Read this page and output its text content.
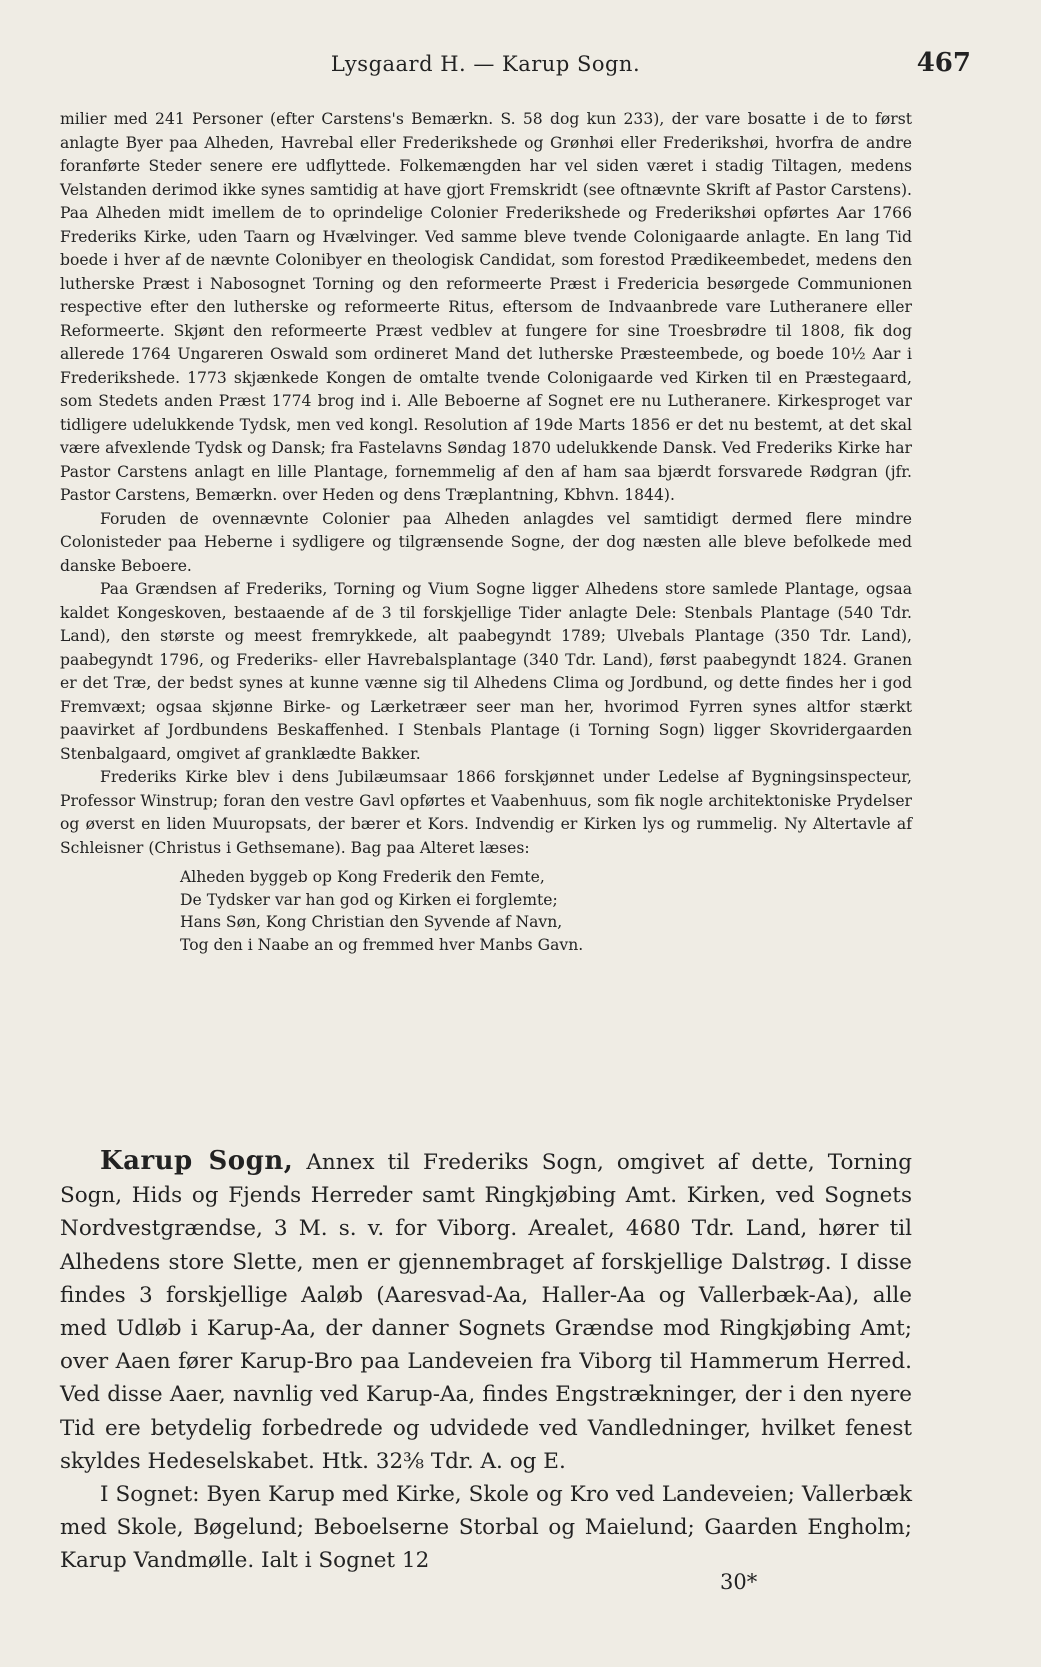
Lysgaard H. — Karup Sogn.	467

milier med 241 Personer (efter Carstens's Bemærkn. S. 58 dog kun 233), der vare bosatte i de to først anlagte Byer paa Alheden, Havrebal eller Frederikshede og Grønhøi eller Frederikshøi, hvorfra de andre foranførte Steder senere ere udflyttede. Folkemængden har vel siden været i stadig Tiltagen, medens Velstanden derimod ikke synes samtidig at have gjort Fremskridt (see oftnævnte Skrift af Pastor Carstens). Paa Alheden midt imellem de to oprindelige Colonier Frederikshede og Frederikshøi opførtes Aar 1766 Frederiks Kirke, uden Taarn og Hvælvinger. Ved samme bleve tvende Colonigaarde anlagte. En lang Tid boede i hver af de nævnte Colonibyer en theologisk Candidat, som forestod Prædikeembedet, medens den lutherske Præst i Nabosognet Torning og den reformeerte Præst i Fredericia besørgede Communionen respective efter den lutherske og reformeerte Ritus, eftersom de Indvaanbrede vare Lutheranere eller Reformeerte. Skjønt den reformeerte Præst vedblev at fungere for sine Troesbrødre til 1808, fik dog allerede 1764 Ungareren Oswald som ordineret Mand det lutherske Præsteembede, og boede 10½ Aar i Frederikshede. 1773 skjænkede Kongen de omtalte tvende Colonigaarde ved Kirken til en Præstegaard, som Stedets anden Præst 1774 brog ind i. Alle Beboerne af Sognet ere nu Lutheranere. Kirkesproget var tidligere udelukkende Tydsk, men ved kongl. Resolution af 19de Marts 1856 er det nu bestemt, at det skal være afvexlende Tydsk og Dansk; fra Fastelavns Søndag 1870 udelukkende Dansk. Ved Frederiks Kirke har Pastor Carstens anlagt en lille Plantage, fornemmelig af den af ham saa bjærdt forsvarede Rødgran (jfr. Pastor Carstens, Bemærkn. over Heden og dens Træplantning, Kbhvn. 1844).

Foruden de ovennævnte Colonier paa Alheden anlagdes vel samtidigt dermed flere mindre Colonisteder paa Heberne i sydligere og tilgrænsende Sogne, der dog næsten alle bleve befolkede med danske Beboere.

Paa Grændsen af Frederiks, Torning og Vium Sogne ligger Alhedens store samlede Plantage, ogsaa kaldet Kongeskoven, bestaaende af de 3 til forskjellige Tider anlagte Dele: Stenbals Plantage (540 Tdr. Land), den største og meest fremrykkede, alt paabegyndt 1789; Ulvebals Plantage (350 Tdr. Land), paabegyndt 1796, og Frederiks- eller Havrebalsplantage (340 Tdr. Land), først paabegyndt 1824. Granen er det Træ, der bedst synes at kunne vænne sig til Alhedens Clima og Jordbund, og dette findes her i god Fremvæxt; ogsaa skjønne Birke- og Lærketræer seer man her, hvorimod Fyrren synes altfor stærkt paavirket af Jordbundens Beskaffenhed. I Stenbals Plantage (i Torning Sogn) ligger Skovridergaarden Stenbalgaard, omgivet af granklædte Bakker.

Frederiks Kirke blev i dens Jubilæumsaar 1866 forskjønnet under Ledelse af Bygningsinspecteur, Professor Winstrup; foran den vestre Gavl opførtes et Vaabenhuus, som fik nogle architektoniske Prydelser og øverst en liden Muuropsats, der bærer et Kors. Indvendig er Kirken lys og rummelig. Ny Altertavle af Schleisner (Christus i Gethsemane). Bag paa Alteret læses:

Alheden byggeb op Kong Frederik den Femte,
De Tydsker var han god og Kirken ei forglemte;
Hans Søn, Kong Christian den Syvende af Navn,
Tog den i Naabe an og fremmed hver Manbs Gavn.

Karup Sogn, Annex til Frederiks Sogn, omgivet af dette, Torning Sogn, Hids og Fjends Herreder samt Ringkjøbing Amt. Kirken, ved Sognets Nordvestgrændse, 3 M. s. v. for Viborg. Arealet, 4680 Tdr. Land, hører til Alhedens store Slette, men er gjennembraget af forskjellige Dalstrøg. I disse findes 3 forskjellige Aaløb (Aaresvad-Aa, Haller-Aa og Vallerbæk-Aa), alle med Udløb i Karup-Aa, der danner Sognets Grændse mod Ringkjøbing Amt; over Aaen fører Karup-Bro paa Landeveien fra Viborg til Hammerum Herred. Ved disse Aaer, navnlig ved Karup-Aa, findes Engstrækninger, der i den nyere Tid ere betydelig forbedrede og udvidede ved Vandledninger, hvilket fenest skyldes Hedeselskabet. Htk. 32⅜ Tdr. A. og E.

I Sognet: Byen Karup med Kirke, Skole og Kro ved Landeveien; Vallerbæk med Skole, Bøgelund; Beboelserne Storbal og Maielund; Gaarden Engholm; Karup Vandmølle. Ialt i Sognet 12

30*
